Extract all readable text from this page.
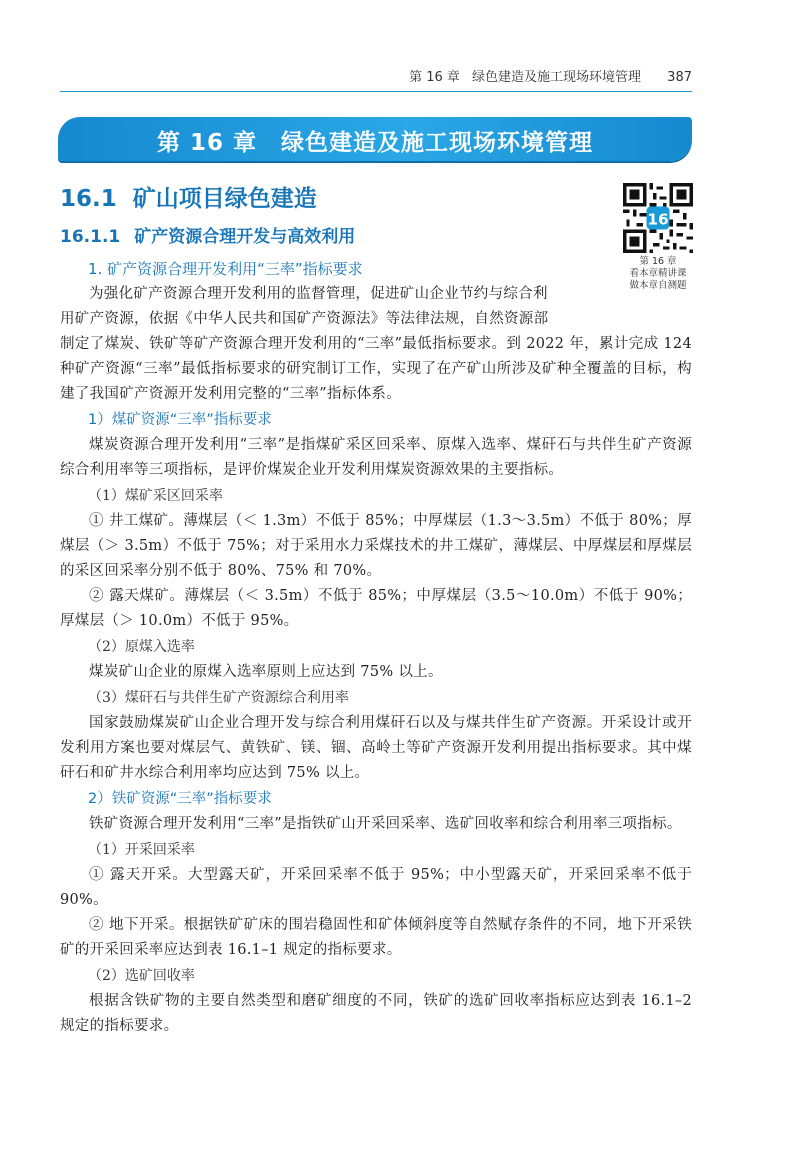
第 16 章 绿色建造及施工现场环境管理 387
第 16 章　绿色建造及施工现场环境管理
16.1 矿山项目绿色建造
16.1.1 矿产资源合理开发与高效利用
16
第 16 章
看本章精讲课
做本章自测题

1. 矿产资源合理开发利用“三率”指标要求

为强化矿产资源合理开发利用的监督管理，促进矿山企业节约与综合利

用矿产资源，依据《中华人民共和国矿产资源法》等法律法规，自然资源部

制定了煤炭、铁矿等矿产资源合理开发利用的“三率”最低指标要求。到 2022 年，累计完成 124 种矿产资源“三率”最低指标要求的研究制订工作，实现了在产矿山所涉及矿种全覆盖的目标，构建了我国矿产资源开发利用完整的“三率”指标体系。

1）煤矿资源“三率”指标要求

煤炭资源合理开发利用“三率”是指煤矿采区回采率、原煤入选率、煤矸石与共伴生矿产资源综合利用率等三项指标，是评价煤炭企业开发利用煤炭资源效果的主要指标。

（1）煤矿采区回采率

① 井工煤矿。薄煤层（＜ 1.3m）不低于 85%；中厚煤层（1.3～3.5m）不低于 80%；厚煤层（＞ 3.5m）不低于 75%；对于采用水力采煤技术的井工煤矿，薄煤层、中厚煤层和厚煤层的采区回采率分别不低于 80%、75% 和 70%。

② 露天煤矿。薄煤层（＜ 3.5m）不低于 85%；中厚煤层（3.5～10.0m）不低于 90%；厚煤层（＞ 10.0m）不低于 95%。

（2）原煤入选率

煤炭矿山企业的原煤入选率原则上应达到 75% 以上。

（3）煤矸石与共伴生矿产资源综合利用率

国家鼓励煤炭矿山企业合理开发与综合利用煤矸石以及与煤共伴生矿产资源。开采设计或开发利用方案也要对煤层气、黄铁矿、镁、锢、高岭土等矿产资源开发利用提出指标要求。其中煤矸石和矿井水综合利用率均应达到 75% 以上。

2）铁矿资源“三率”指标要求

铁矿资源合理开发利用“三率”是指铁矿山开采回采率、选矿回收率和综合利用率三项指标。

（1）开采回采率

① 露天开采。大型露天矿，开采回采率不低于 95%；中小型露天矿，开采回采率不低于 90%。

② 地下开采。根据铁矿矿床的围岩稳固性和矿体倾斜度等自然赋存条件的不同，地下开采铁矿的开采回采率应达到表 16.1–1 规定的指标要求。

（2）选矿回收率

根据含铁矿物的主要自然类型和磨矿细度的不同，铁矿的选矿回收率指标应达到表 16.1–2 规定的指标要求。
